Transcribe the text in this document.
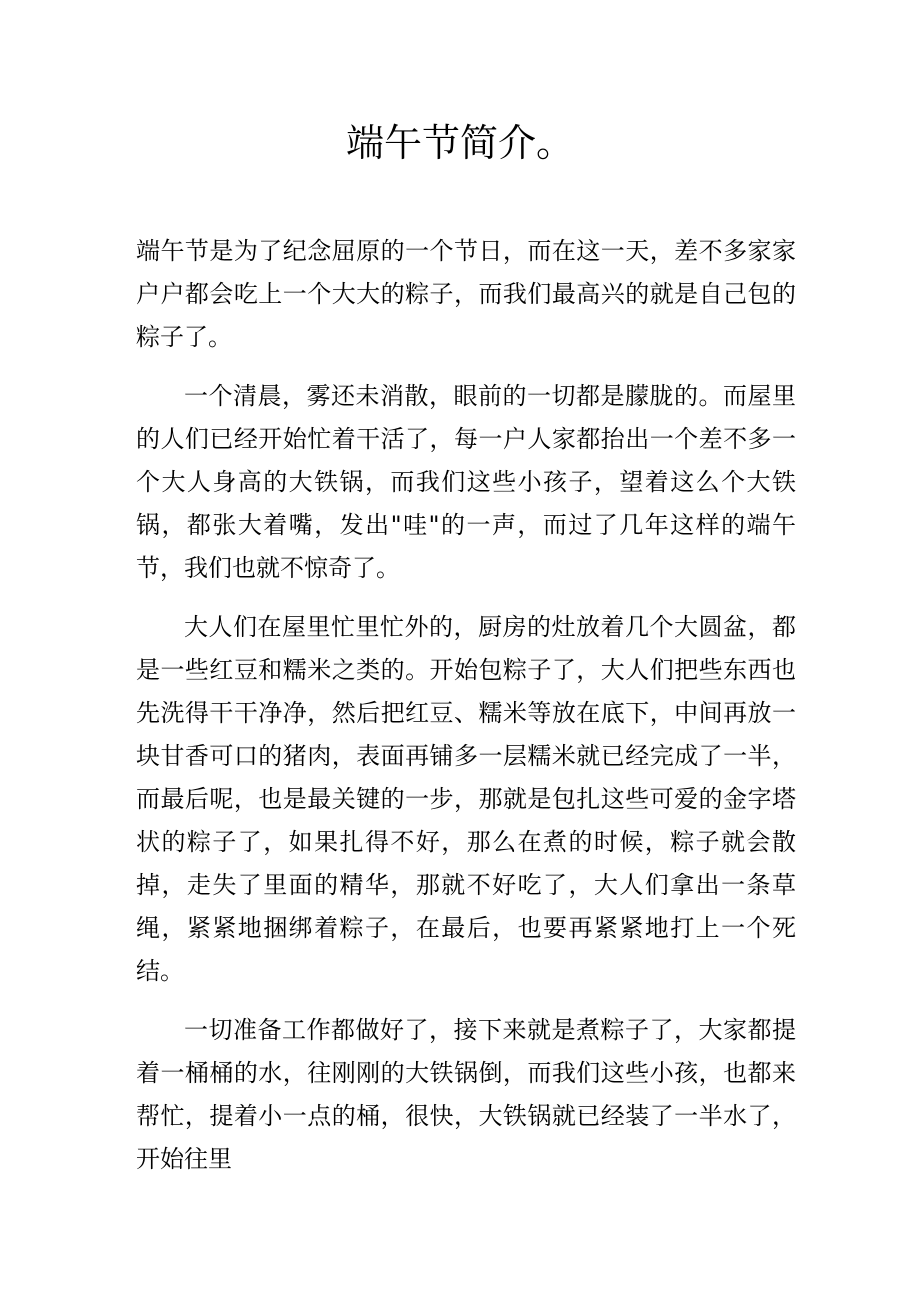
端午节简介。

端午节是为了纪念屈原的一个节日，而在这一天，差不多家家户户都会吃上一个大大的粽子，而我们最高兴的就是自己包的粽子了。

一个清晨，雾还未消散，眼前的一切都是朦胧的。而屋里的人们已经开始忙着干活了，每一户人家都抬出一个差不多一个大人身高的大铁锅，而我们这些小孩子，望着这么个大铁锅，都张大着嘴，发出"哇"的一声，而过了几年这样的端午节，我们也就不惊奇了。

大人们在屋里忙里忙外的，厨房的灶放着几个大圆盆，都是一些红豆和糯米之类的。开始包粽子了，大人们把些东西也先洗得干干净净，然后把红豆、糯米等放在底下，中间再放一块甘香可口的猪肉，表面再铺多一层糯米就已经完成了一半，而最后呢，也是最关键的一步，那就是包扎这些可爱的金字塔状的粽子了，如果扎得不好，那么在煮的时候，粽子就会散掉，走失了里面的精华，那就不好吃了，大人们拿出一条草绳，紧紧地捆绑着粽子，在最后，也要再紧紧地打上一个死结。

一切准备工作都做好了，接下来就是煮粽子了，大家都提着一桶桶的水，往刚刚的大铁锅倒，而我们这些小孩，也都来帮忙，提着小一点的桶，很快，大铁锅就已经装了一半水了，开始往里
